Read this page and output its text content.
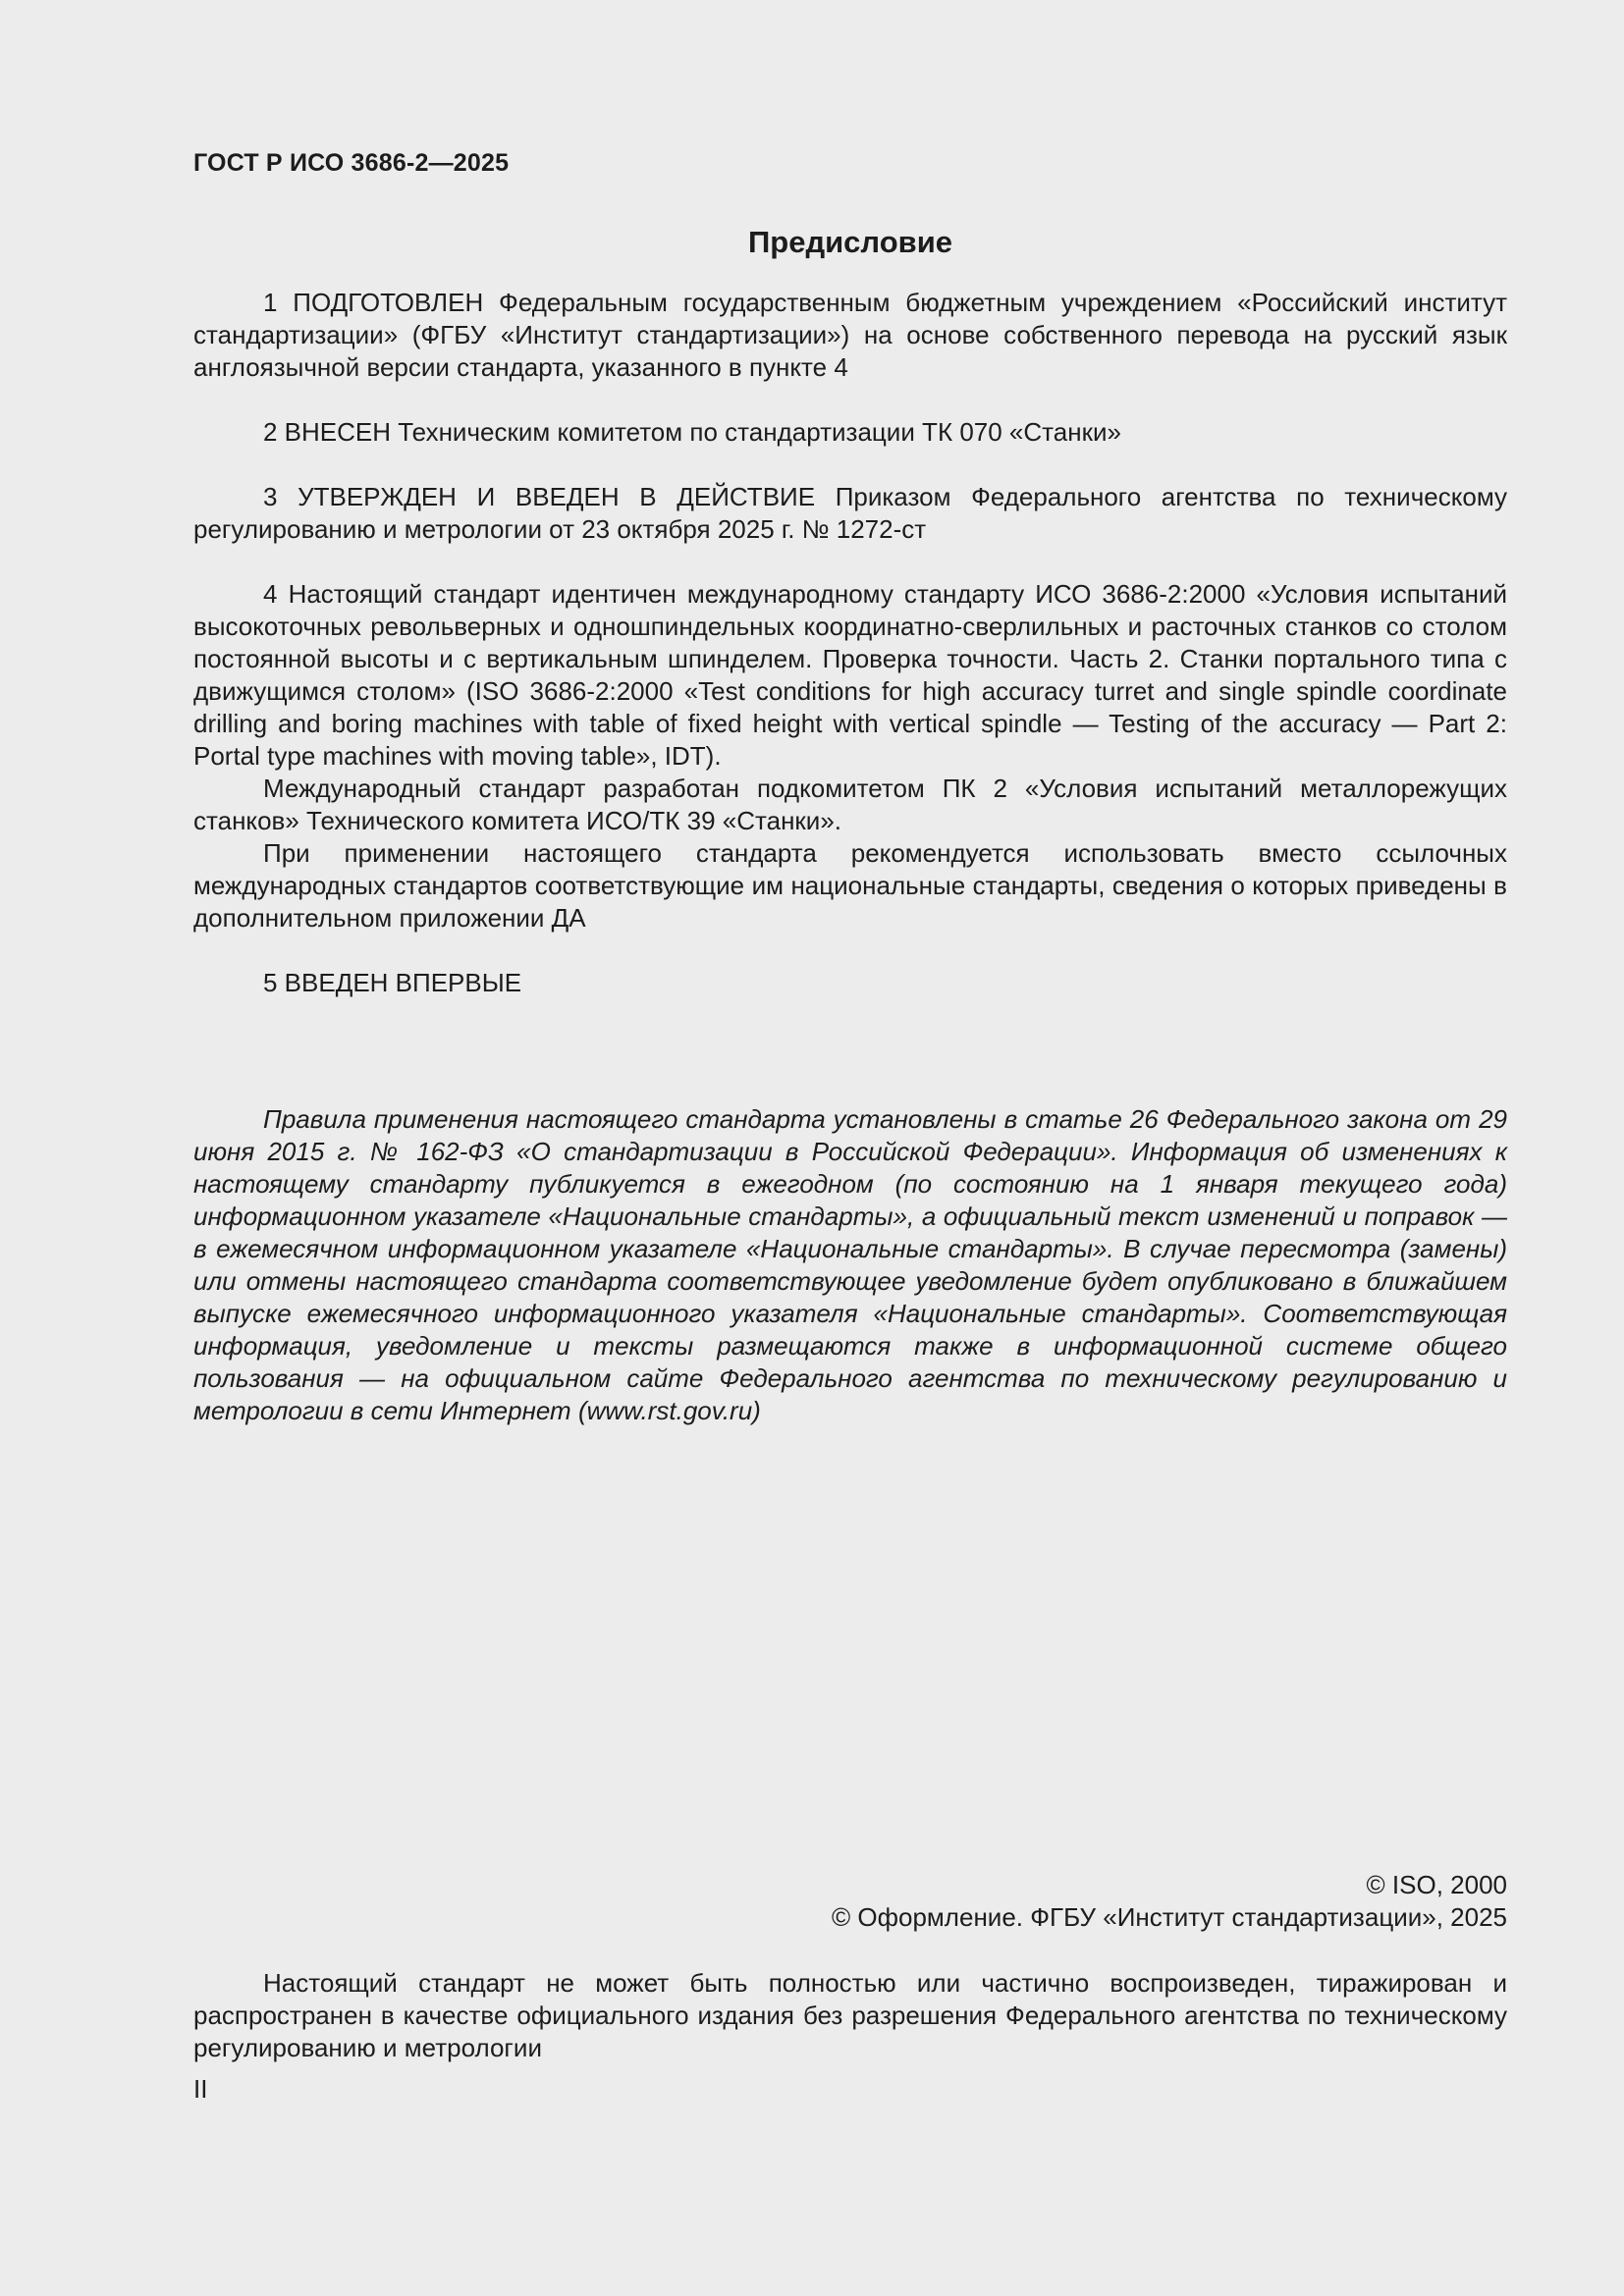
ГОСТ Р ИСО 3686-2—2025
Предисловие

1 ПОДГОТОВЛЕН Федеральным государственным бюджетным учреждением «Российский институт стандартизации» (ФГБУ «Институт стандартизации») на основе собственного перевода на русский язык англоязычной версии стандарта, указанного в пункте 4

2 ВНЕСЕН Техническим комитетом по стандартизации ТК 070 «Станки»

3 УТВЕРЖДЕН И ВВЕДЕН В ДЕЙСТВИЕ Приказом Федерального агентства по техническому регулированию и метрологии от 23 октября 2025 г. № 1272-ст

4 Настоящий стандарт идентичен международному стандарту ИСО 3686-2:2000 «Условия испытаний высокоточных револьверных и одношпиндельных координатно-сверлильных и расточных станков со столом постоянной высоты и с вертикальным шпинделем. Проверка точности. Часть 2. Станки портального типа с движущимся столом» (ISO 3686-2:2000 «Test conditions for high accuracy turret and single spindle coordinate drilling and boring machines with table of fixed height with vertical spindle — Testing of the accuracy — Part 2: Portal type machines with moving table», IDT).

Международный стандарт разработан подкомитетом ПК 2 «Условия испытаний металлорежущих станков» Технического комитета ИСО/ТК 39 «Станки».

При применении настоящего стандарта рекомендуется использовать вместо ссылочных международных стандартов соответствующие им национальные стандарты, сведения о которых приведены в дополнительном приложении ДА

5 ВВЕДЕН ВПЕРВЫЕ

Правила применения настоящего стандарта установлены в статье 26 Федерального закона от 29 июня 2015 г. № 162-ФЗ «О стандартизации в Российской Федерации». Информация об изменениях к настоящему стандарту публикуется в ежегодном (по состоянию на 1 января текущего года) информационном указателе «Национальные стандарты», а официальный текст изменений и поправок — в ежемесячном информационном указателе «Национальные стандарты». В случае пересмотра (замены) или отмены настоящего стандарта соответствующее уведомление будет опубликовано в ближайшем выпуске ежемесячного информационного указателя «Национальные стандарты». Соответствующая информация, уведомление и тексты размещаются также в информационной системе общего пользования — на официальном сайте Федерального агентства по техническому регулированию и метрологии в сети Интернет (www.rst.gov.ru)
© ISO, 2000
© Оформление. ФГБУ «Институт стандартизации», 2025
Настоящий стандарт не может быть полностью или частично воспроизведен, тиражирован и распространен в качестве официального издания без разрешения Федерального агентства по техническому регулированию и метрологии
II
